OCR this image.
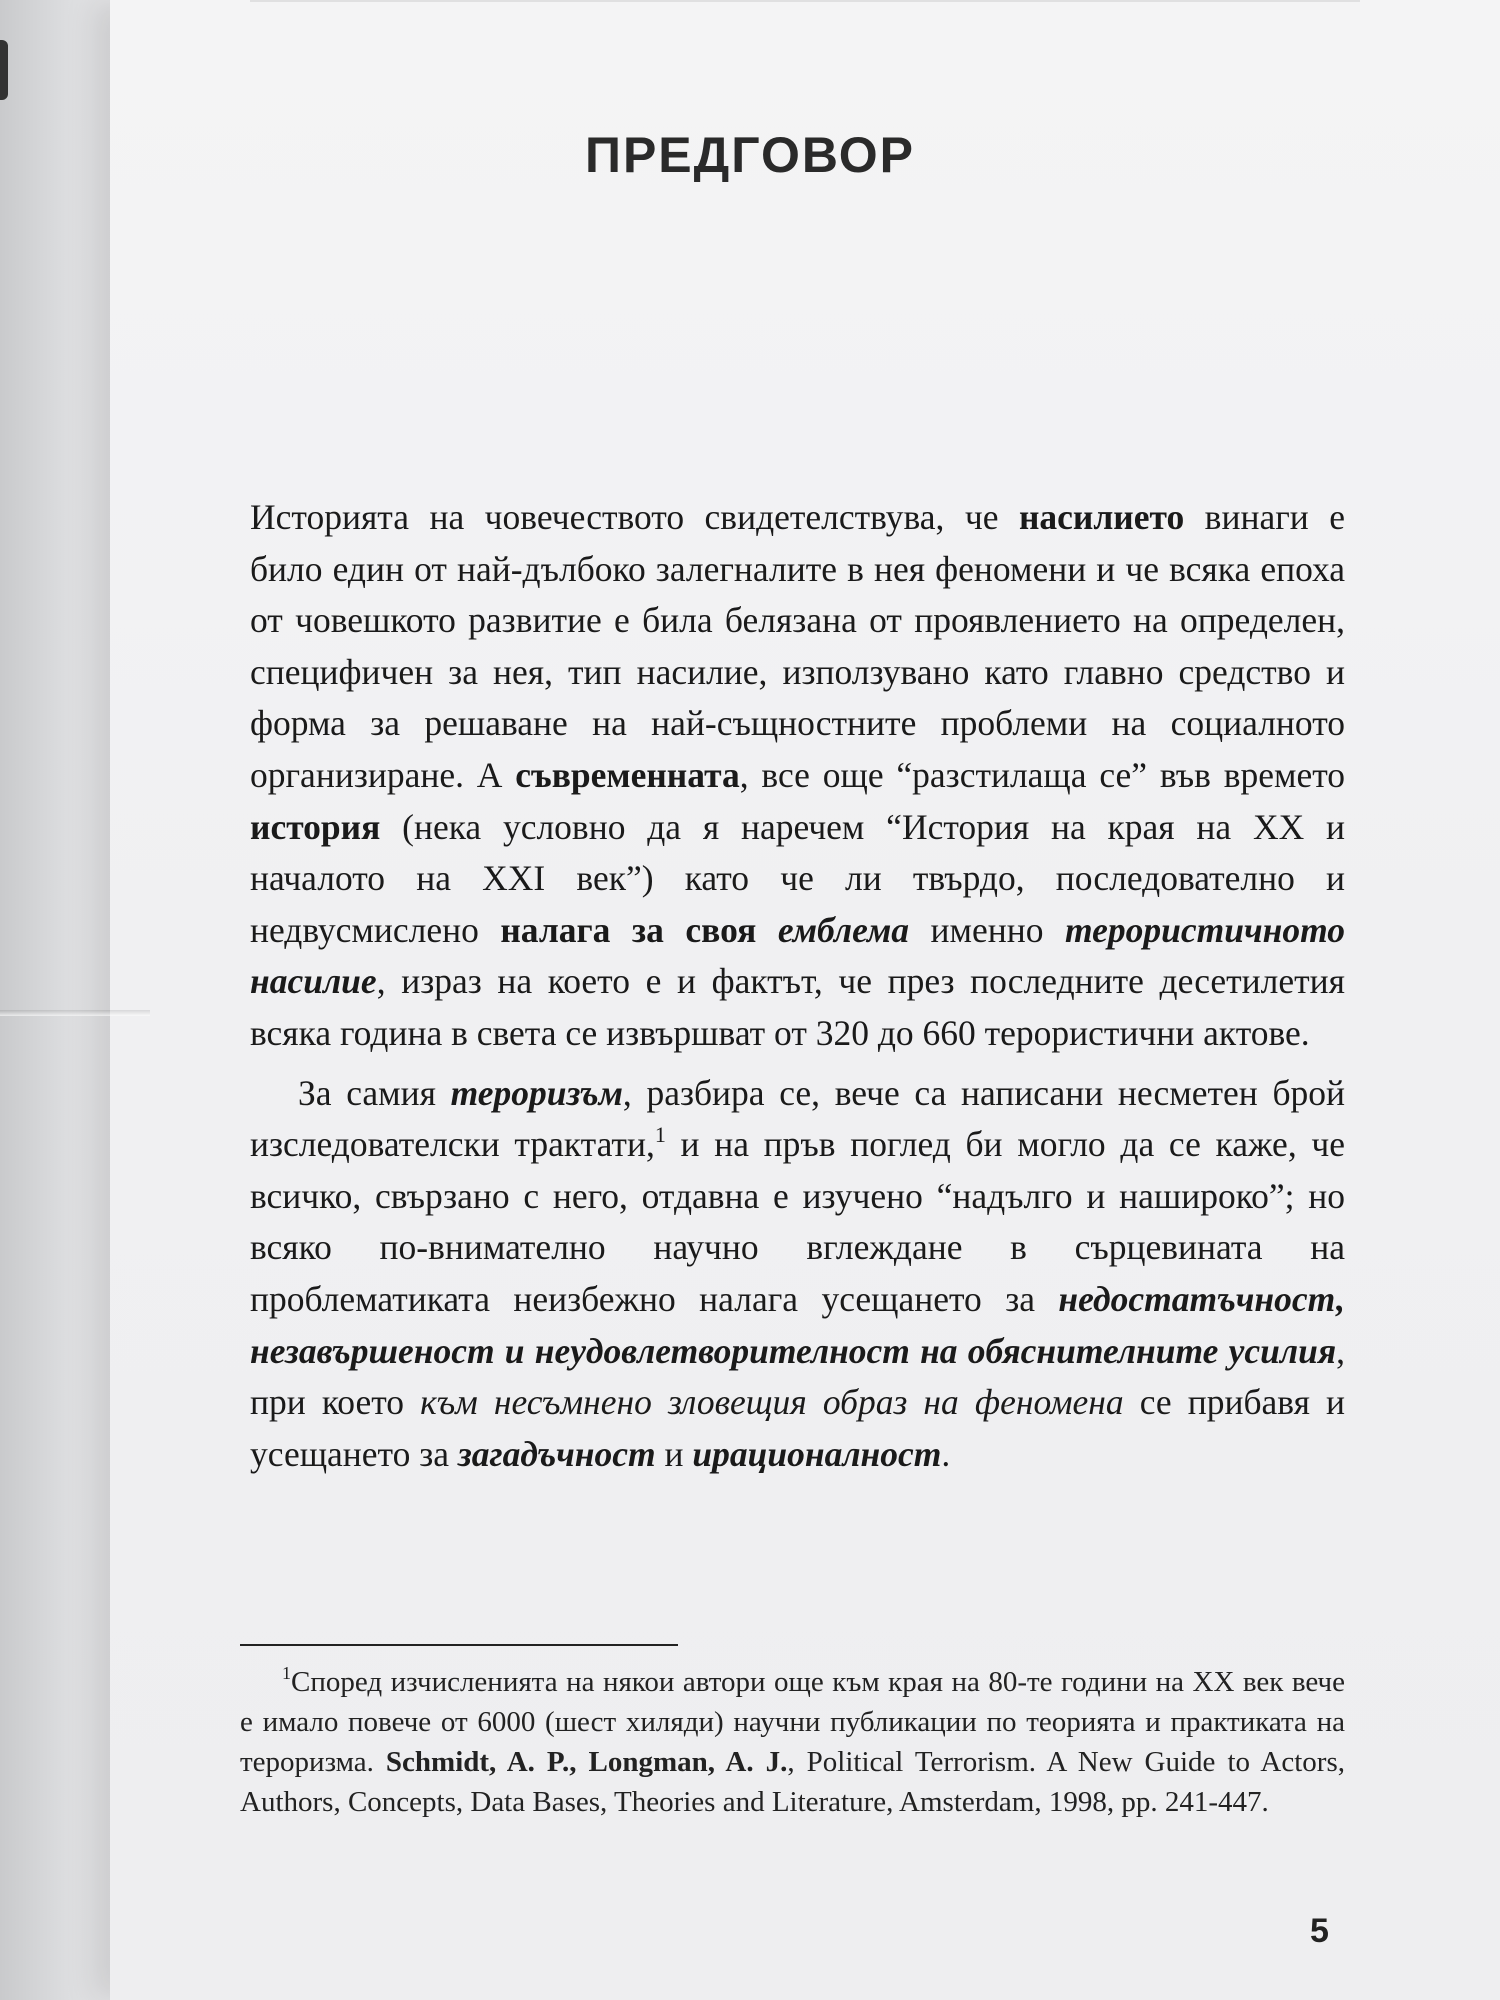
ПРЕДГОВОР

Историята на човечеството свидетелствува, че насилието винаги е било един от най-дълбоко залегналите в нея феномени и че всяка епоха от човешкото развитие е била белязана от проявлението на определен, специфичен за нея, тип насилие, използувано като главно средство и форма за решаване на най-същностните проблеми на социалното организиране. А съвременната, все още “разстилаща се” във времето история (нека условно да я наречем “История на края на XX и началото на XXI век”) като че ли твърдо, последователно и недвусмислено налага за своя емблема именно терористичното насилие, израз на което е и фактът, че през последните десетилетия всяка година в света се извършват от 320 до 660 терористични актове.

За самия тероризъм, разбира се, вече са написани несметен брой изследователски трактати,$^1$ и на пръв поглед би могло да се каже, че всичко, свързано с него, отдавна е изучено “надълго и нашироко”; но всяко по-внимателно научно вглеждане в сърцевината на проблематиката неизбежно налага усещането за недостатъчност, незавършеност и неудовлетворителност на обяснителните усилия, при което към несъмнено зловещия образ на феномена се прибавя и усещането за загадъчност и ирационалност.

$^1$Според изчисленията на някои автори още към края на 80-те години на XX век вече е имало повече от 6000 (шест хиляди) научни публикации по теорията и практиката на тероризма. Schmidt, A. P., Longman, A. J., Political Terrorism. A New Guide to Actors, Authors, Concepts, Data Bases, Theories and Literature, Amsterdam, 1998, pp. 241-447.

5
